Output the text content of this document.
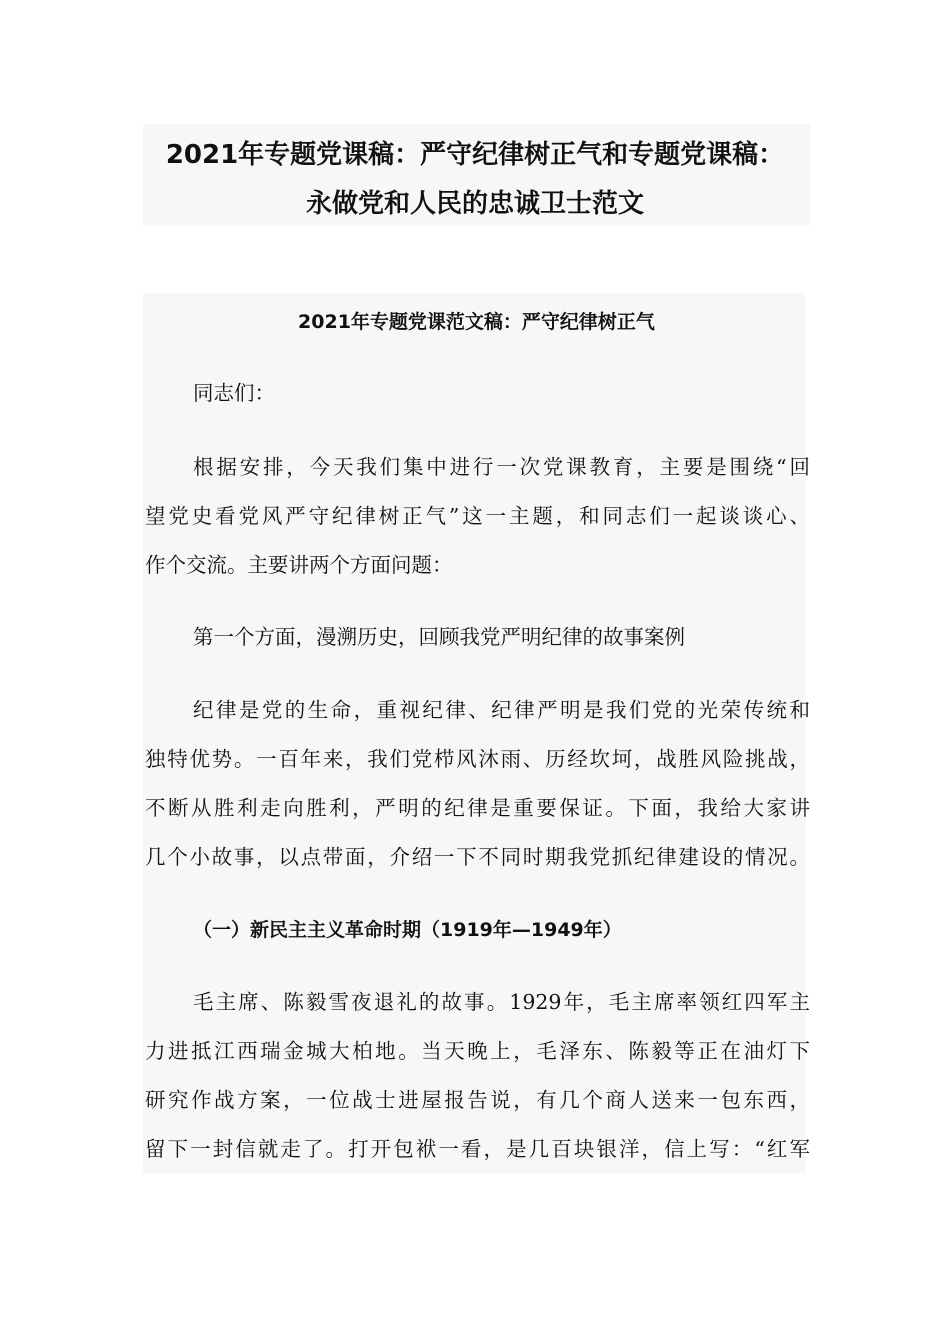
2021年专题党课稿：严守纪律树正气和专题党课稿：
永做党和人民的忠诚卫士范文
2021年专题党课范文稿：严守纪律树正气
同志们：
根据安排，今天我们集中进行一次党课教育，主要是围绕“回
望党史看党风严守纪律树正气”这一主题，和同志们一起谈谈心、
作个交流。主要讲两个方面问题：
第一个方面，漫溯历史，回顾我党严明纪律的故事案例
纪律是党的生命，重视纪律、纪律严明是我们党的光荣传统和
独特优势。一百年来，我们党栉风沐雨、历经坎坷，战胜风险挑战，
不断从胜利走向胜利，严明的纪律是重要保证。下面，我给大家讲
几个小故事，以点带面，介绍一下不同时期我党抓纪律建设的情况。
（一）新民主主义革命时期（1919年—1949年）
毛主席、陈毅雪夜退礼的故事。1929年，毛主席率领红四军主
力进抵江西瑞金城大柏地。当天晚上，毛泽东、陈毅等正在油灯下
研究作战方案，一位战士进屋报告说，有几个商人送来一包东西，
留下一封信就走了。打开包袱一看，是几百块银洋，信上写：“红军
